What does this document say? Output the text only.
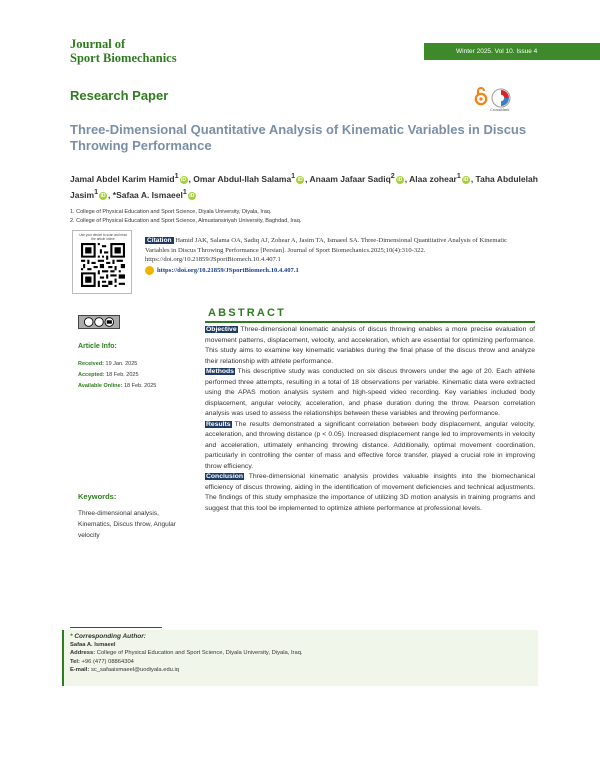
Journal of
Sport Biomechanics	Winter 2025. Vol 10. Issue 4
Research Paper
CrossMark
Three-Dimensional Quantitative Analysis of Kinematic Variables in Discus Throwing Performance
Jamal Abdel Karim Hamid$^1$ iD , Omar Abdul-Ilah Salama$^1$ iD , Anaam Jafaar Sadiq$^2$ iD , Alaa zohear$^1$ iD , Taha Abdulelah Jasim$^1$ iD , *Safaa A. Ismaeel$^1$ iD
1. College of Physical Education and Sport Science, Diyala University, Diyala, Iraq.
2. College of Physical Education and Sport Science, Almustansiriyah University, Baghdad, Iraq.
Use your device to scan and read the article online	Citation Hamid JAK, Salama OA, Sadiq AJ, Zohear A, Jasim TA, Ismaeel SA. Three-Dimensional Quantitative Analysis of Kinematic Variables in Discus Throwing Performance [Persian]. Journal of Sport Biomechanics.2025;10(4):310-322. https://doi.org/10.21859/JSportBiomech.10.4.407.1
https://doi.org/10.21859/JSportBiomech.10.4.407.1
Article Info:
Received: 19 Jan. 2025
Accepted: 18 Feb. 2025
Available Online: 18 Feb. 2025
Keywords:
Three-dimensional analysis, Kinematics, Discus throw, Angular velocity
ABSTRACT

Objective Three-dimensional kinematic analysis of discus throwing enables a more precise evaluation of movement patterns, displacement, velocity, and acceleration, which are essential for optimizing performance. This study aims to examine key kinematic variables during the final phase of the discus throw and analyze their relationship with athlete performance.

Methods This descriptive study was conducted on six discus throwers under the age of 20. Each athlete performed three attempts, resulting in a total of 18 observations per variable. Kinematic data were extracted using the APAS motion analysis system and high-speed video recording. Key variables included body displacement, angular velocity, acceleration, and phase duration during the throw. Pearson correlation analysis was used to assess the relationships between these variables and throwing performance.

Results The results demonstrated a significant correlation between body displacement, angular velocity, acceleration, and throwing distance (p < 0.05). Increased displacement range led to improvements in velocity and acceleration, ultimately enhancing throwing distance. Additionally, optimal movement coordination, particularly in controlling the center of mass and effective force transfer, played a crucial role in improving throw efficiency.

Conclusion Three-dimensional kinematic analysis provides valuable insights into the biomechanical efficiency of discus throwing, aiding in the identification of movement deficiencies and technical adjustments. The findings of this study emphasize the importance of utilizing 3D motion analysis in training programs and suggest that this tool be implemented to optimize athlete performance at professional levels.

* Corresponding Author:
Safaa A. Ismaeel
Address: College of Physical Education and Sport Science, Diyala University, Diyala, Iraq.
Tel: +96 (477) 08864304
E-mail: sc_safaaismaeel@uodiyala.edu.iq
